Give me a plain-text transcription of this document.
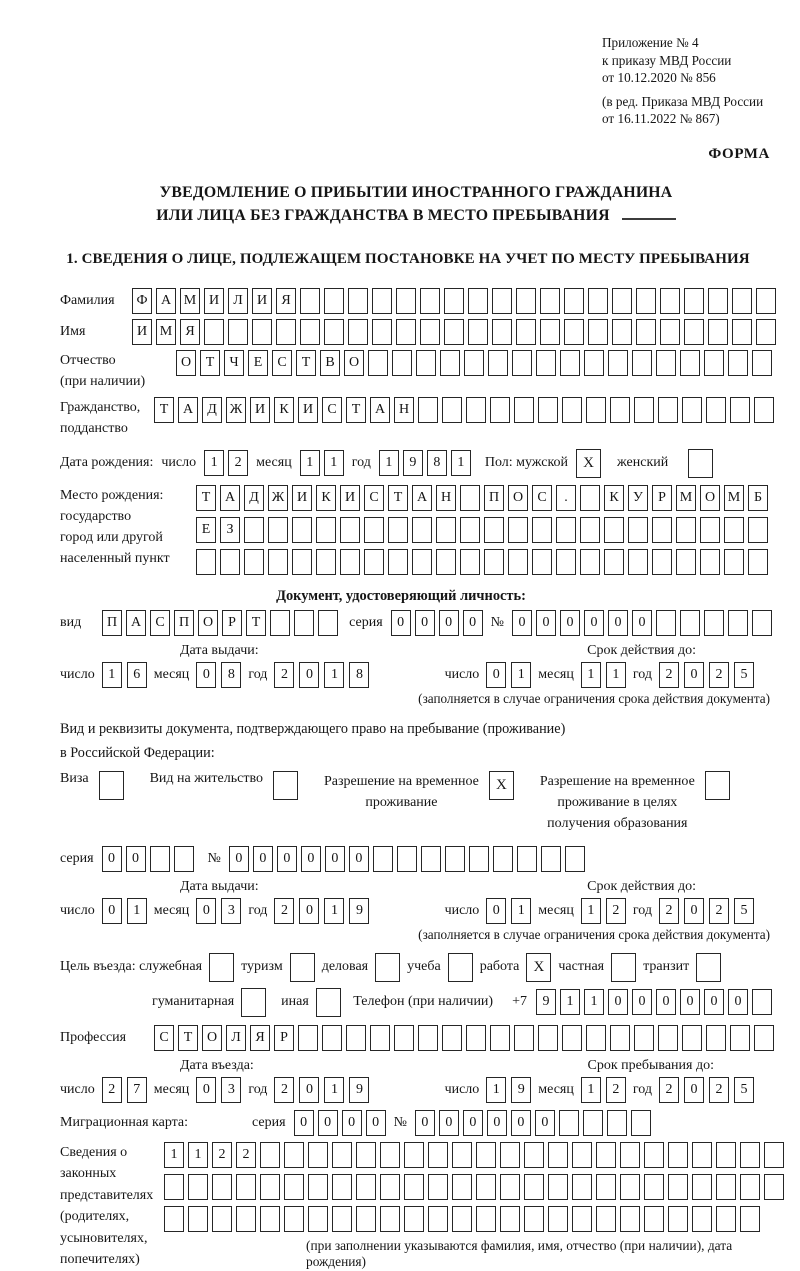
Приложение № 4
к приказу МВД России
от 10.12.2020 № 856
(в ред. Приказа МВД России
от 16.11.2022 № 867)
ФОРМА
УВЕДОМЛЕНИЕ О ПРИБЫТИИ ИНОСТРАННОГО ГРАЖДАНИНА
ИЛИ ЛИЦА БЕЗ ГРАЖДАНСТВА В МЕСТО ПРЕБЫВАНИЯ
1. СВЕДЕНИЯ О ЛИЦЕ, ПОДЛЕЖАЩЕМ ПОСТАНОВКЕ НА УЧЕТ ПО МЕСТУ ПРЕБЫВАНИЯ
Фамилия	Ф А М И	Л	И	Я
Имя	И М Я
Отчество
(при наличии)
О	Т	Ч	Е	С	Т	В	О
Гражданство,
подданство
Т	А	Д Ж И	К	И	С	Т	А Н
Дата рождения: число	1	2	месяц	1	1	год	1	9	8	1	Пол: мужской	X	женский
Место рождения:
государство
город или другой
населенный пункт
Т	А	Д Ж И	К	И	С	Т	А Н	П О	С	.	К	У	Р М О М Б
Е	З
Документ, удостоверяющий личность:
вид	П А	С	П О	Р	Т	серия	0	0	0	0	№	0	0	0	0	0	0
Дата выдачи:	Срок действия до:
число 1	6 месяц 0	8 год 2	0	1	8	число 0	1 месяц 1	1 год 2	0	2	5
(заполняется в случае ограничения срока действия документа)
Вид и реквизиты документа, подтверждающего право на пребывание (проживание)
в Российской Федерации:
Виза	Вид на жительство	Разрешение на временное
проживание
X	Разрешение на временное
проживание в целях
получения образования
серия	0	0	№	0	0	0	0	0	0
Дата выдачи:	Срок действия до:
число 0	1 месяц 0	3 год 2	0	1	9	число 0	1 месяц 1	2 год 2	0	2	5
(заполняется в случае ограничения срока действия документа)
Цель въезда: служебная	туризм	деловая	учеба	работа X	частная	транзит
гуманитарная	иная	Телефон (при наличии) +7	9	1	1	0	0	0	0	0	0
Профессия	С	Т	О	Л	Я	Р
Дата въезда:	Срок пребывания до:
число 2	7 месяц 0	3 год 2	0	1	9	число 1	9 месяц 1	2 год 2	0	2	5
Миграционная карта:	серия	0	0	0	0	№	0	0	0	0	0	0
Сведения о
законных
представителях
(родителях,
усыновителях,
попечителях)
1	1	2	2
(при заполнении указываются фамилия, имя, отчество (при наличии), дата рождения)
